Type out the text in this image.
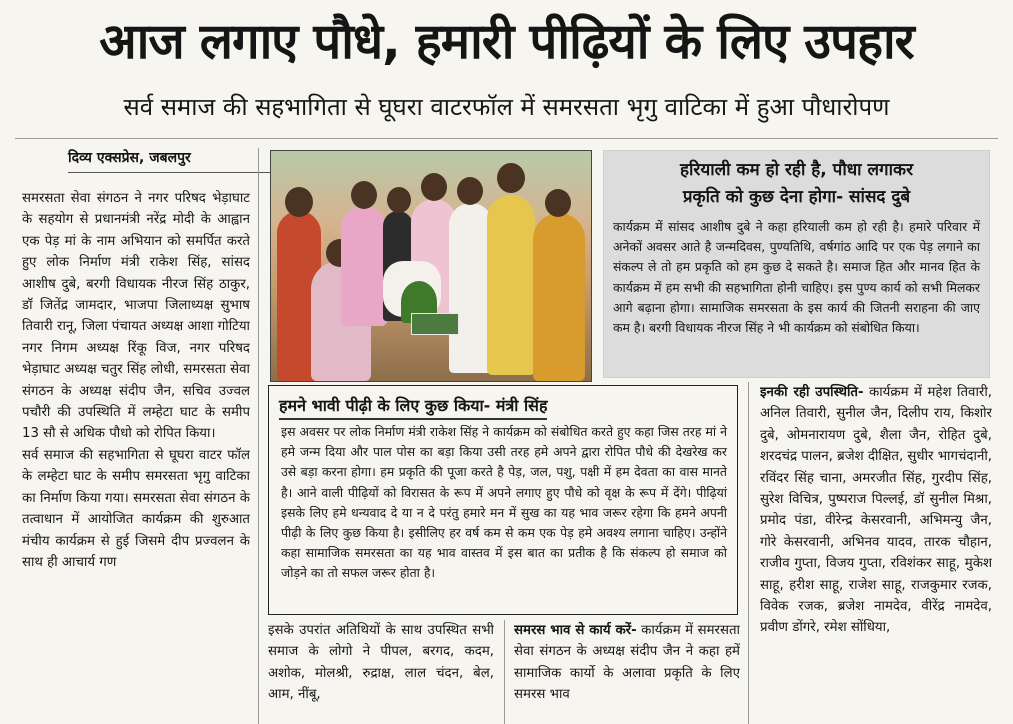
आज लगाए पौधे, हमारी पीढ़ियों के लिए उपहार
सर्व समाज की सहभागिता से घूघरा वाटरफॉल में समरसता भृगु वाटिका में हुआ पौधारोपण
दिव्य एक्सप्रेस, जबलपुर

समरसता सेवा संगठन ने नगर परिषद भेड़ाघाट के सहयोग से प्रधानमंत्री नरेंद्र मोदी के आह्वान एक पेड़ मां के नाम अभियान को समर्पित करते हुए लोक निर्माण मंत्री राकेश सिंह, सांसद आशीष दुबे, बरगी विधायक नीरज सिंह ठाकुर, डॉ जितेंद्र जामदार, भाजपा जिलाध्यक्ष सुभाष तिवारी रानू, जिला पंचायत अध्यक्ष आशा गोटिया नगर निगम अध्यक्ष रिंकू विज, नगर परिषद भेड़ाघाट अध्यक्ष चतुर सिंह लोधी, समरसता सेवा संगठन के अध्यक्ष संदीप जैन, सचिव उज्वल पचौरी की उपस्थिति में लम्हेटा घाट के समीप 13 सौ से अधिक पौधो को रोपित किया।

सर्व समाज की सहभागिता से घूघरा वाटर फॉल के लम्हेटा घाट के समीप समरसता भृगु वाटिका का निर्माण किया गया। समरसता सेवा संगठन के तत्वाधान में आयोजित कार्यक्रम की शुरुआत मंचीय कार्यक्रम से हुई जिसमे दीप प्रज्वलन के साथ ही आचार्य गण

हरियाली कम हो रही है, पौधा लगाकर
प्रकृति को कुछ देना होगा- सांसद दुबे
कार्यक्रम में सांसद आशीष दुबे ने कहा हरियाली कम हो रही है। हमारे परिवार में अनेकों अवसर आते है जन्मदिवस, पुण्यतिथि, वर्षगांठ आदि पर एक पेड़ लगाने का संकल्प ले तो हम प्रकृति को हम कुछ दे सकते है। समाज हित और मानव हित के कार्यक्रम में हम सभी की सहभागिता होनी चाहिए। इस पुण्य कार्य को सभी मिलकर आगे बढ़ाना होगा। सामाजिक समरसता के इस कार्य की जितनी सराहना की जाए कम है। बरगी विधायक नीरज सिंह ने भी कार्यक्रम को संबोधित किया।
हमने भावी पीढ़ी के लिए कुछ किया- मंत्री सिंह
इस अवसर पर लोक निर्माण मंत्री राकेश सिंह ने कार्यक्रम को संबोधित करते हुए कहा जिस तरह मां ने हमे जन्म दिया और पाल पोस का बड़ा किया उसी तरह हमे अपने द्वारा रोपित पौधे की देखरेख कर उसे बड़ा करना होगा। हम प्रकृति की पूजा करते है पेड़, जल, पशु, पक्षी में हम देवता का वास मानते है। आने वाली पीढ़ियों को विरासत के रूप में अपने लगाए हुए पौधे को वृक्ष के रूप में देंगे। पीढ़ियां इसके लिए हमे धन्यवाद दे या न दे परंतु हमारे मन में सुख का यह भाव जरूर रहेगा कि हमने अपनी पीढ़ी के लिए कुछ किया है। इसीलिए हर वर्ष कम से कम एक पेड़ हमे अवश्य लगाना चाहिए। उन्होंने कहा सामाजिक समरसता का यह भाव वास्तव में इस बात का प्रतीक है कि संकल्प हो समाज को जोड़ने का तो सफल जरूर होता है।

इसके उपरांत अतिथियों के साथ उपस्थित सभी समाज के लोगो ने पीपल, बरगद, कदम, अशोक, मोलश्री, रुद्राक्ष, लाल चंदन, बेल, आम, नींबू,

समरस भाव से कार्य करें- कार्यक्रम में समरसता सेवा संगठन के अध्यक्ष संदीप जैन ने कहा हमें सामाजिक कार्यो के अलावा प्रकृति के लिए समरस भाव

इनकी रही उपस्थिति- कार्यक्रम में महेश तिवारी, अनिल तिवारी, सुनील जैन, दिलीप राय, किशोर दुबे, ओमनारायण दुबे, शैला जैन, रोहित दुबे, शरदचंद्र पालन, ब्रजेश दीक्षित, सुधीर भागचंदानी, रविंदर सिंह चाना, अमरजीत सिंह, गुरदीप सिंह, सुरेश विचित्र, पुष्पराज पिल्लई, डॉ सुनील मिश्रा, प्रमोद पंडा, वीरेन्द्र केसरवानी, अभिमन्यु जैन, गोरे केसरवानी, अभिनव यादव, तारक चौहान, राजीव गुप्ता, विजय गुप्ता, रविशंकर साहू, मुकेश साहू, हरीश साहू, राजेश साहू, राजकुमार रजक, विवेक रजक, ब्रजेश नामदेव, वीरेंद्र नामदेव, प्रवीण डोंगरे, रमेश सोंधिया,
